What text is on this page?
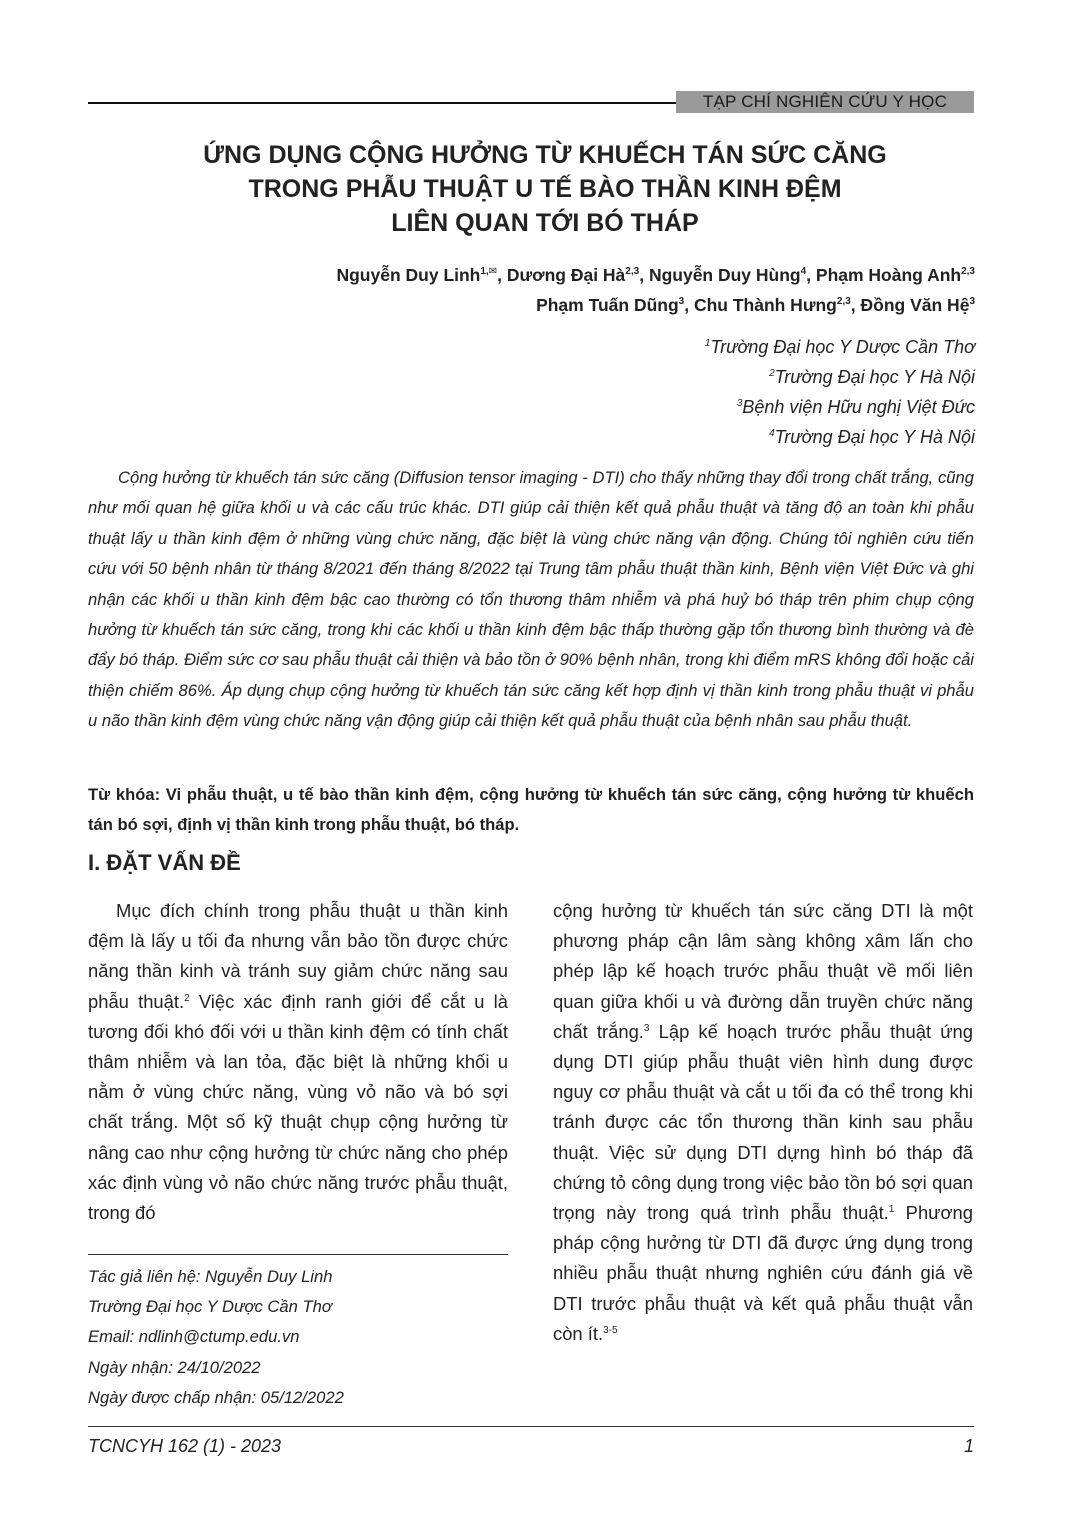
TẠP CHÍ NGHIÊN CỨU Y HỌC
ỨNG DỤNG CỘNG HƯỞNG TỪ KHUẾCH TÁN SỨC CĂNG
TRONG PHẪU THUẬT U TẾ BÀO THẦN KINH ĐỆM
LIÊN QUAN TỚI BÓ THÁP
Nguyễn Duy Linh$^{1,✉}$, Dương Đại Hà$^{2,3}$, Nguyễn Duy Hùng$^4$, Phạm Hoàng Anh$^{2,3}$
Phạm Tuấn Dũng$^3$, Chu Thành Hưng$^{2,3}$, Đồng Văn Hệ$^3$
$^1$Trường Đại học Y Dược Cần Thơ
$^2$Trường Đại học Y Hà Nội
$^3$Bệnh viện Hữu nghị Việt Đức
$^4$Trường Đại học Y Hà Nội
Cộng hưởng từ khuếch tán sức căng (Diffusion tensor imaging - DTI) cho thấy những thay đổi trong chất trắng, cũng như mối quan hệ giữa khối u và các cấu trúc khác. DTI giúp cải thiện kết quả phẫu thuật và tăng độ an toàn khi phẫu thuật lấy u thần kinh đệm ở những vùng chức năng, đặc biệt là vùng chức năng vận động. Chúng tôi nghiên cứu tiến cứu với 50 bệnh nhân từ tháng 8/2021 đến tháng 8/2022 tại Trung tâm phẫu thuật thần kinh, Bệnh viện Việt Đức và ghi nhận các khối u thần kinh đệm bậc cao thường có tổn thương thâm nhiễm và phá huỷ bó tháp trên phim chụp cộng hưởng từ khuếch tán sức căng, trong khi các khối u thần kinh đệm bậc thấp thường gặp tổn thương bình thường và đè đẩy bó tháp. Điểm sức cơ sau phẫu thuật cải thiện và bảo tồn ở 90% bệnh nhân, trong khi điểm mRS không đổi hoặc cải thiện chiếm 86%. Áp dụng chụp cộng hưởng từ khuếch tán sức căng kết hợp định vị thần kinh trong phẫu thuật vi phẫu u não thần kinh đệm vùng chức năng vận động giúp cải thiện kết quả phẫu thuật của bệnh nhân sau phẫu thuật.
Từ khóa: Vi phẫu thuật, u tế bào thần kinh đệm, cộng hưởng từ khuếch tán sức căng, cộng hưởng từ khuếch tán bó sợi, định vị thần kinh trong phẫu thuật, bó tháp.
I. ĐẶT VẤN ĐỀ
Mục đích chính trong phẫu thuật u thần kinh đệm là lấy u tối đa nhưng vẫn bảo tồn được chức năng thần kinh và tránh suy giảm chức năng sau phẫu thuật.$^2$ Việc xác định ranh giới để cắt u là tương đối khó đối với u thần kinh đệm có tính chất thâm nhiễm và lan tỏa, đặc biệt là những khối u nằm ở vùng chức năng, vùng vỏ não và bó sợi chất trắng. Một số kỹ thuật chụp cộng hưởng từ nâng cao như cộng hưởng từ chức năng cho phép xác định vùng vỏ não chức năng trước phẫu thuật, trong đó
cộng hưởng từ khuếch tán sức căng DTI là một phương pháp cận lâm sàng không xâm lấn cho phép lập kế hoạch trước phẫu thuật về mối liên quan giữa khối u và đường dẫn truyền chức năng chất trắng.$^3$ Lập kế hoạch trước phẫu thuật ứng dụng DTI giúp phẫu thuật viên hình dung được nguy cơ phẫu thuật và cắt u tối đa có thể trong khi tránh được các tổn thương thần kinh sau phẫu thuật. Việc sử dụng DTI dựng hình bó tháp đã chứng tỏ công dụng trong việc bảo tồn bó sợi quan trọng này trong quá trình phẫu thuật.$^1$ Phương pháp cộng hưởng từ DTI đã được ứng dụng trong nhiều phẫu thuật nhưng nghiên cứu đánh giá về DTI trước phẫu thuật và kết quả phẫu thuật vẫn còn ít.$^{3-5}$
Tác giả liên hệ: Nguyễn Duy Linh
Trường Đại học Y Dược Cần Thơ
Email: ndlinh@ctump.edu.vn
Ngày nhận: 24/10/2022
Ngày được chấp nhận: 05/12/2022
TCNCYH 162 (1) - 2023	1
